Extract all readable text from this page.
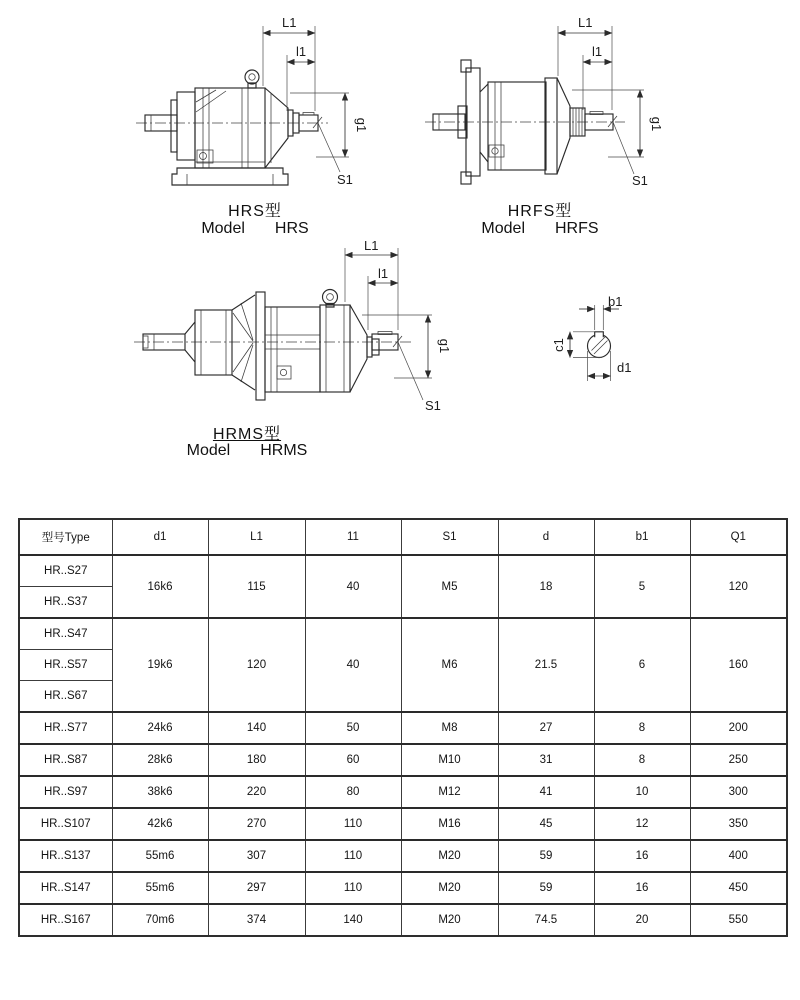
L1
l1
g1
S1
HRS型
Model HRS
L1
l1
g1
S1
HRFS型
Model HRFS
L1
l1
g1
S1
HRMS型
Model HRMS
b1
c1
d1
型号Type	d1	L1	11	S1	d	b1	Q1
HR..S27	16k6	115	40	M5	18	5	120
HR..S37							
HR..S47	19k6	120	40	M6	21.5	6	160
HR..S57							
HR..S67							
HR..S77	24k6	140	50	M8	27	8	200
HR..S87	28k6	180	60	M10	31	8	250
HR..S97	38k6	220	80	M12	41	10	300
HR..S107	42k6	270	110	M16	45	12	350
HR..S137	55m6	307	110	M20	59	16	400
HR..S147	55m6	297	110	M20	59	16	450
HR..S167	70m6	374	140	M20	74.5	20	550
